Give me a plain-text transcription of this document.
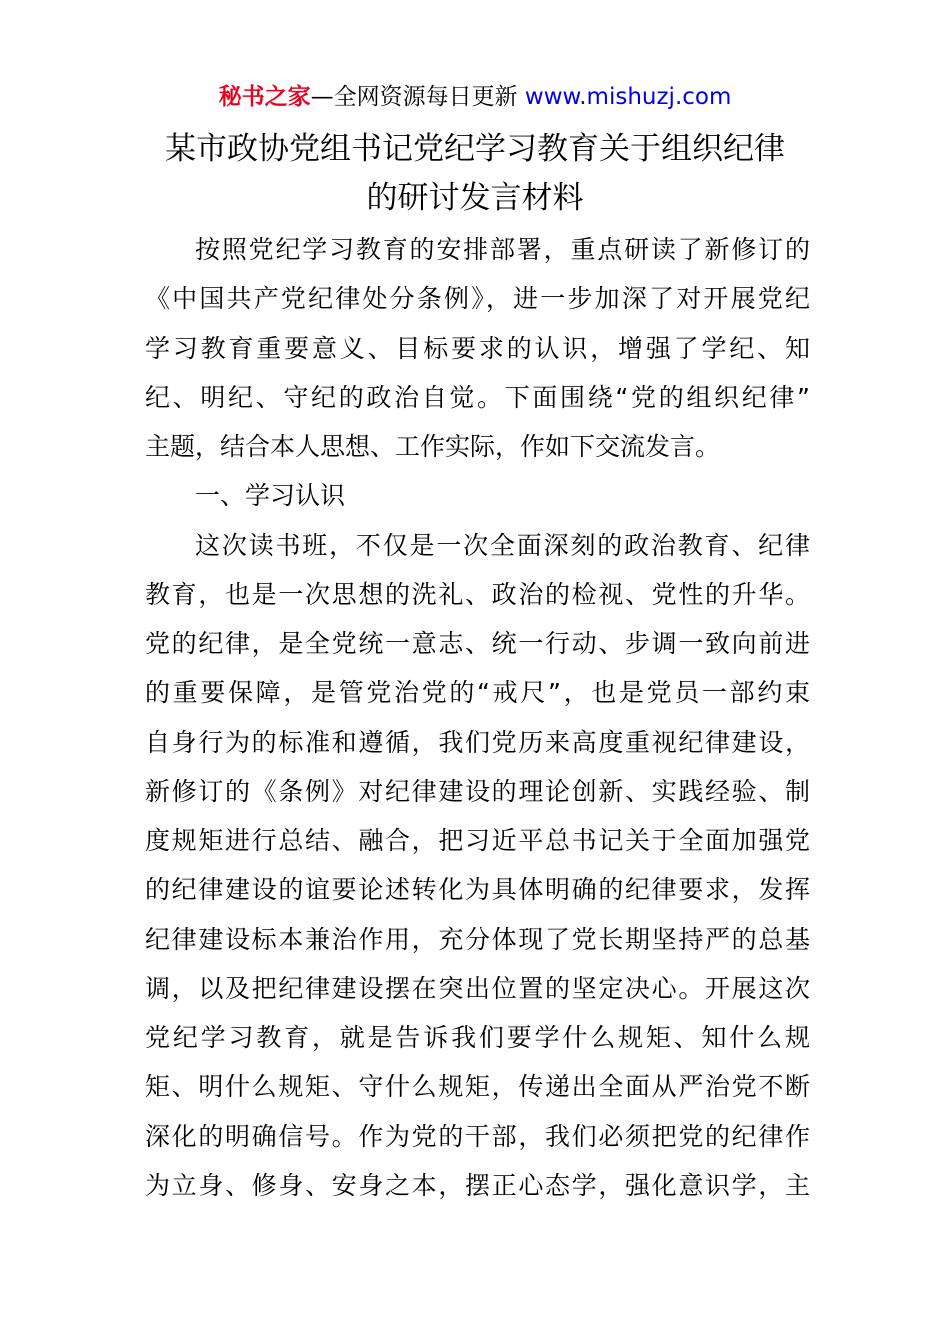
秘书之家—全网资源每日更新 www.mishuzj.com
某市政协党组书记党纪学习教育关于组织纪律
的研讨发言材料
按照党纪学习教育的安排部署，重点研读了新修订的
《中国共产党纪律处分条例》，进一步加深了对开展党纪
学习教育重要意义、目标要求的认识，增强了学纪、知
纪、明纪、守纪的政治自觉。下面围绕“党的组织纪律”
主题，结合本人思想、工作实际，作如下交流发言。
一、学习认识
这次读书班，不仅是一次全面深刻的政治教育、纪律
教育，也是一次思想的洗礼、政治的检视、党性的升华。
党的纪律，是全党统一意志、统一行动、步调一致向前进
的重要保障，是管党治党的“戒尺”，也是党员一部约束
自身行为的标准和遵循，我们党历来高度重视纪律建设，
新修订的《条例》对纪律建设的理论创新、实践经验、制
度规矩进行总结、融合，把习近平总书记关于全面加强党
的纪律建设的谊要论述转化为具体明确的纪律要求，发挥
纪律建设标本兼治作用，充分体现了党长期坚持严的总基
调，以及把纪律建设摆在突出位置的坚定决心。开展这次
党纪学习教育，就是告诉我们要学什么规矩、知什么规
矩、明什么规矩、守什么规矩，传递出全面从严治党不断
深化的明确信号。作为党的干部，我们必须把党的纪律作
为立身、修身、安身之本，摆正心态学，强化意识学，主
